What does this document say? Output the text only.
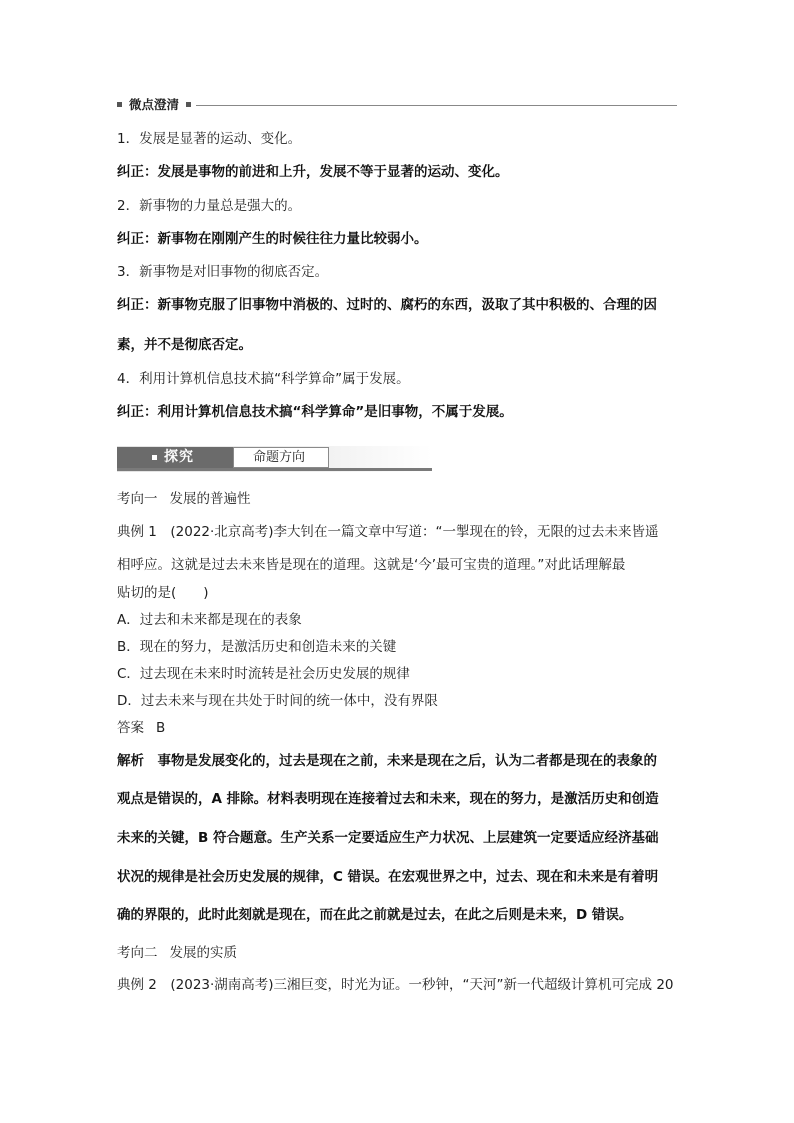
微点澄清
1．发展是显著的运动、变化。
纠正：发展是事物的前进和上升，发展不等于显著的运动、变化。
2．新事物的力量总是强大的。
纠正：新事物在刚刚产生的时候往往力量比较弱小。
3．新事物是对旧事物的彻底否定。
纠正：新事物克服了旧事物中消极的、过时的、腐朽的东西，汲取了其中积极的、合理的因
素，并不是彻底否定。
4．利用计算机信息技术搞“科学算命”属于发展。
纠正：利用计算机信息技术搞“科学算命”是旧事物，不属于发展。
探究	命题方向
考向一 发展的普遍性
典例 1　(2022·北京高考)李大钊在一篇文章中写道：“一掣现在的铃，无限的过去未来皆遥
相呼应。这就是过去未来皆是现在的道理。这就是‘今’最可宝贵的道理。”对此话理解最
贴切的是(　　)
A．过去和未来都是现在的表象
B．现在的努力，是激活历史和创造未来的关键
C．过去现在未来时时流转是社会历史发展的规律
D．过去未来与现在共处于时间的统一体中，没有界限
答案 B
解析　事物是发展变化的，过去是现在之前，未来是现在之后，认为二者都是现在的表象的
观点是错误的，A 排除。材料表明现在连接着过去和未来，现在的努力，是激活历史和创造
未来的关键，B 符合题意。生产关系一定要适应生产力状况、上层建筑一定要适应经济基础
状况的规律是社会历史发展的规律，C 错误。在宏观世界之中，过去、现在和未来是有着明
确的界限的，此时此刻就是现在，而在此之前就是过去，在此之后则是未来，D 错误。
考向二 发展的实质
典例 2　(2023·湖南高考)三湘巨变，时光为证。一秒钟，“天河”新一代超级计算机可完成 20
